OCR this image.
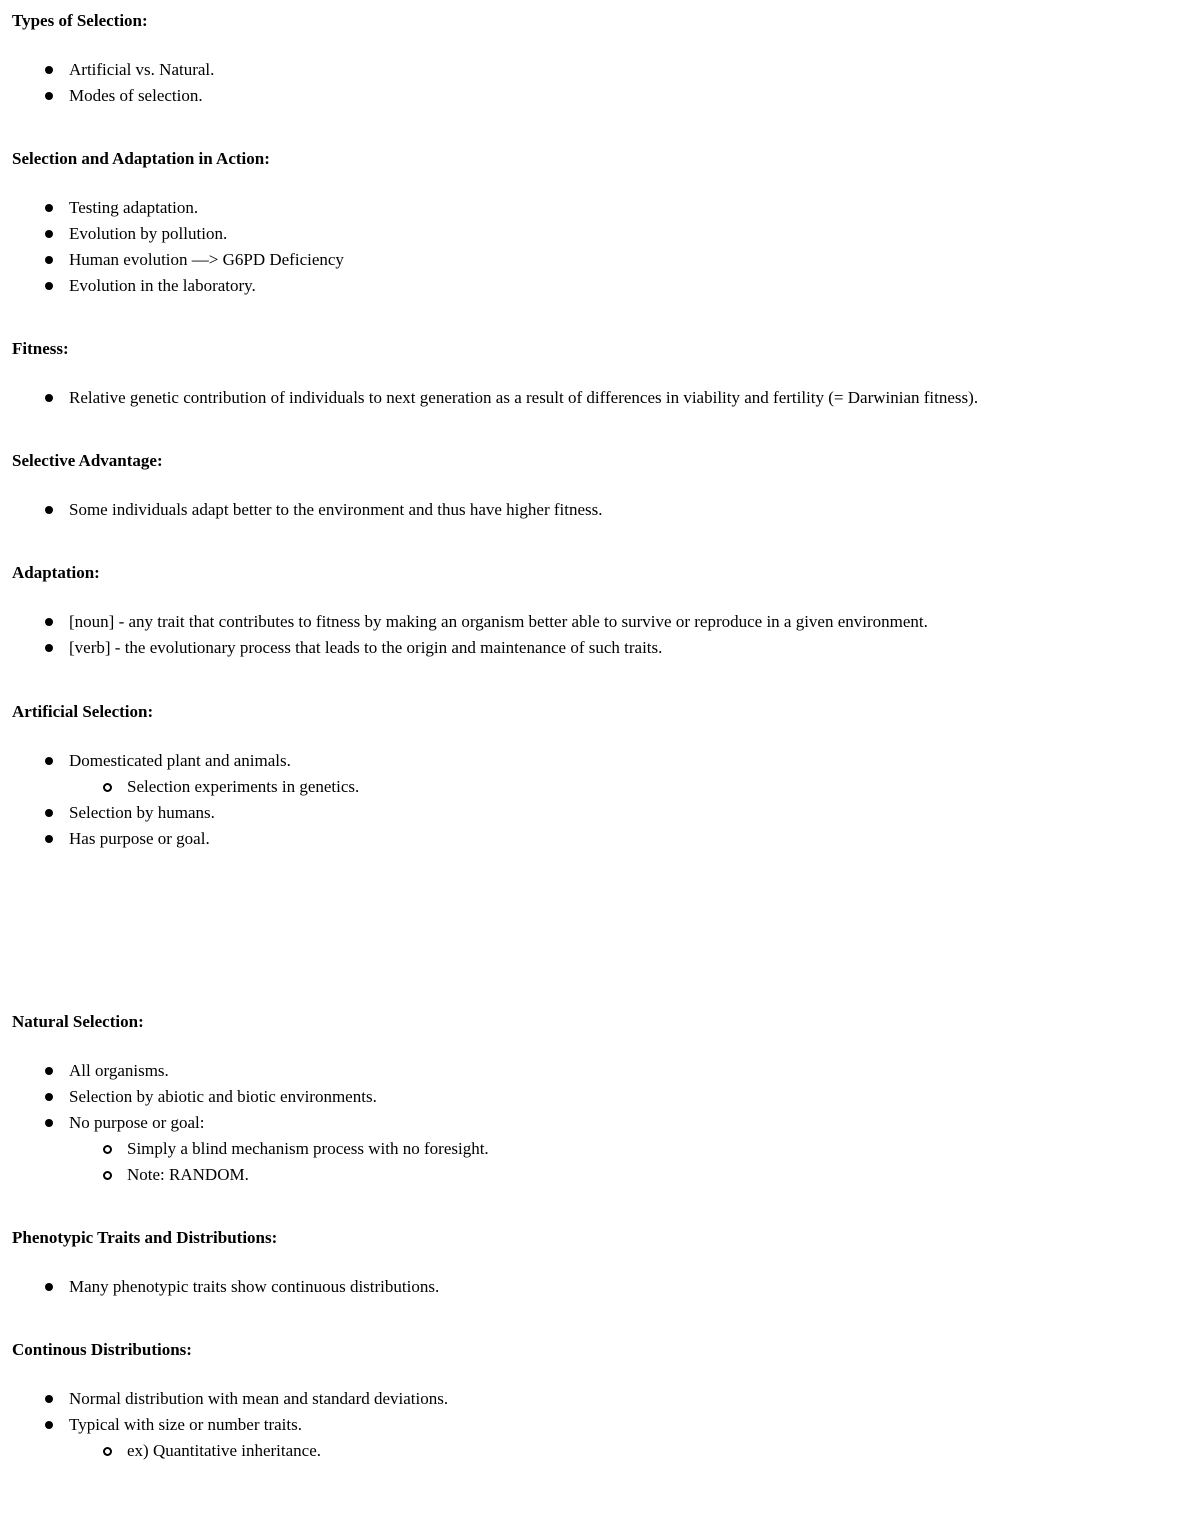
Types of Selection:
Artificial vs. Natural.
Modes of selection.
Selection and Adaptation in Action:
Testing adaptation.
Evolution by pollution.
Human evolution —> G6PD Deficiency
Evolution in the laboratory.
Fitness:
Relative genetic contribution of individuals to next generation as a result of differences in viability and fertility (= Darwinian fitness).
Selective Advantage:
Some individuals adapt better to the environment and thus have higher fitness.
Adaptation:
[noun] - any trait that contributes to fitness by making an organism better able to survive or reproduce in a given environment.
[verb] - the evolutionary process that leads to the origin and maintenance of such traits.
Artificial Selection:
Domesticated plant and animals.
Selection experiments in genetics.
Selection by humans.
Has purpose or goal.
Natural Selection:
All organisms.
Selection by abiotic and biotic environments.
No purpose or goal:
Simply a blind mechanism process with no foresight.
Note: RANDOM.
Phenotypic Traits and Distributions:
Many phenotypic traits show continuous distributions.
Continous Distributions:
Normal distribution with mean and standard deviations.
Typical with size or number traits.
ex) Quantitative inheritance.
